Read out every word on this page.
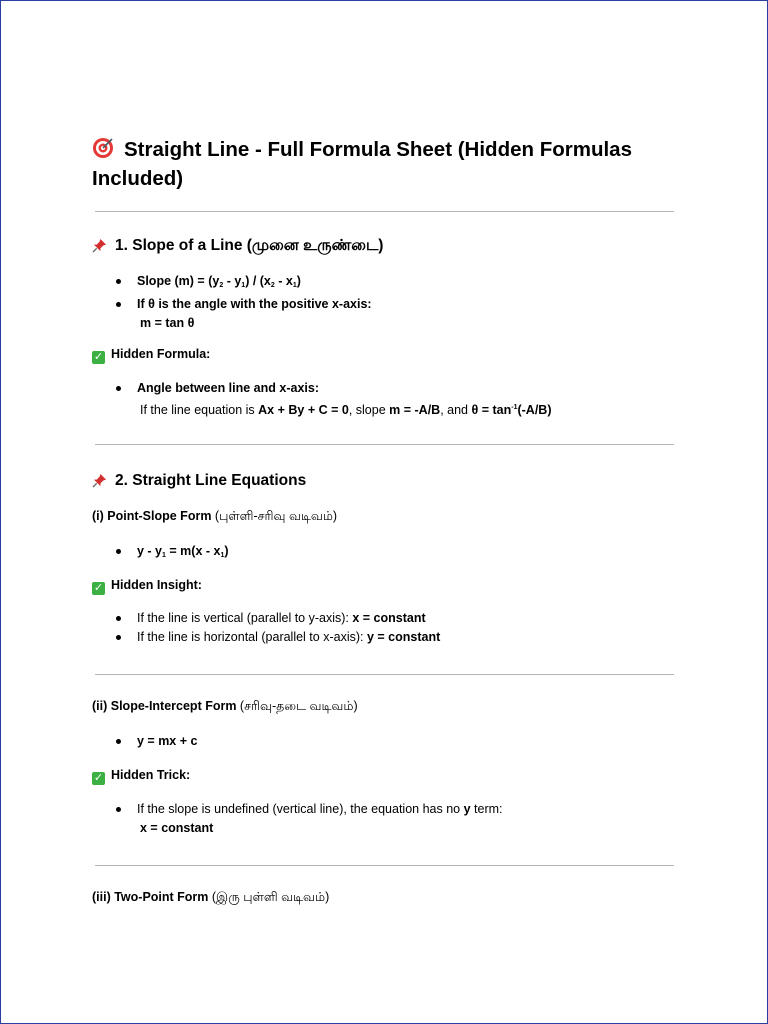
Straight Line - Full Formula Sheet (Hidden Formulas Included)
1. Slope of a Line (முனை உருண்டை)
Slope $(m) = (y_2 - y_1) / (x_2 - x_1)$
If θ is the angle with the positive x-axis:
m = tan θ
✓ Hidden Formula:
Angle between line and x-axis:
If the line equation is Ax + By + C = 0, slope m = -A/B, and $\theta = \tan^{-1}(-A/B)$
2. Straight Line Equations
(i) Point-Slope Form (புள்ளி-சரிவு வடிவம்)
$y - y_1 = m(x - x_1)$
✓ Hidden Insight:
If the line is vertical (parallel to y-axis): x = constant
If the line is horizontal (parallel to x-axis): y = constant
(ii) Slope-Intercept Form (சரிவு-தடை வடிவம்)
y = mx + c
✓ Hidden Trick:
If the slope is undefined (vertical line), the equation has no y term:
x = constant
(iii) Two-Point Form (இரு புள்ளி வடிவம்)
